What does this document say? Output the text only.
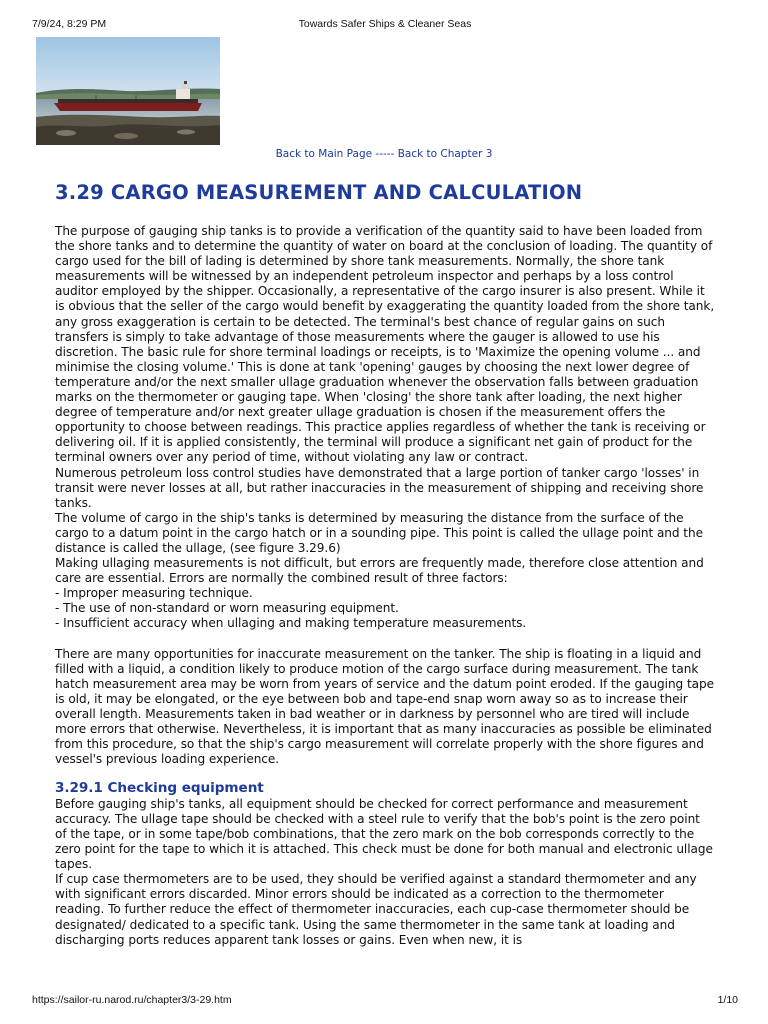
7/9/24, 8:29 PM	Towards Safer Ships & Cleaner Seas
Back to Main Page ----- Back to Chapter 3
3.29 CARGO MEASUREMENT AND CALCULATION

The purpose of gauging ship tanks is to provide a verification of the quantity said to have been loaded from the shore tanks and to determine the quantity of water on board at the conclusion of loading. The quantity of cargo used for the bill of lading is determined by shore tank measurements. Normally, the shore tank measurements will be witnessed by an independent petroleum inspector and perhaps by a loss control auditor employed by the shipper. Occasionally, a representative of the cargo insurer is also present. While it is obvious that the seller of the cargo would benefit by exaggerating the quantity loaded from the shore tank, any gross exaggeration is certain to be detected. The terminal's best chance of regular gains on such transfers is simply to take advantage of those measurements where the gauger is allowed to use his discretion. The basic rule for shore terminal loadings or receipts, is to 'Maximize the opening volume ... and minimise the closing volume.' This is done at tank 'opening' gauges by choosing the next lower degree of temperature and/or the next smaller ullage graduation whenever the observation falls between graduation marks on the thermometer or gauging tape. When 'closing' the shore tank after loading, the next higher degree of temperature and/or next greater ullage graduation is chosen if the measurement offers the opportunity to choose between readings. This practice applies regardless of whether the tank is receiving or delivering oil. If it is applied consistently, the terminal will produce a significant net gain of product for the terminal owners over any period of time, without violating any law or contract.

Numerous petroleum loss control studies have demonstrated that a large portion of tanker cargo 'losses' in transit were never losses at all, but rather inaccuracies in the measurement of shipping and receiving shore tanks.

The volume of cargo in the ship's tanks is determined by measuring the distance from the surface of the cargo to a datum point in the cargo hatch or in a sounding pipe. This point is called the ullage point and the distance is called the ullage, (see figure 3.29.6)

Making ullaging measurements is not difficult, but errors are frequently made, therefore close attention and care are essential. Errors are normally the combined result of three factors:

- Improper measuring technique.
- The use of non-standard or worn measuring equipment.
- Insufficient accuracy when ullaging and making temperature measurements.

There are many opportunities for inaccurate measurement on the tanker. The ship is floating in a liquid and filled with a liquid, a condition likely to produce motion of the cargo surface during measurement. The tank hatch measurement area may be worn from years of service and the datum point eroded. If the gauging tape is old, it may be elongated, or the eye between bob and tape-end snap worn away so as to increase their overall length. Measurements taken in bad weather or in darkness by personnel who are tired will include more errors that otherwise. Nevertheless, it is important that as many inaccuracies as possible be eliminated from this procedure, so that the ship's cargo measurement will correlate properly with the shore figures and vessel's previous loading experience.

3.29.1 Checking equipment

Before gauging ship's tanks, all equipment should be checked for correct performance and measurement accuracy. The ullage tape should be checked with a steel rule to verify that the bob's point is the zero point of the tape, or in some tape/bob combinations, that the zero mark on the bob corresponds correctly to the zero point for the tape to which it is attached. This check must be done for both manual and electronic ullage tapes.

If cup case thermometers are to be used, they should be verified against a standard thermometer and any with significant errors discarded. Minor errors should be indicated as a correction to the thermometer reading. To further reduce the effect of thermometer inaccuracies, each cup-case thermometer should be designated/ dedicated to a specific tank. Using the same thermometer in the same tank at loading and discharging ports reduces apparent tank losses or gains. Even when new, it is

https://sailor-ru.narod.ru/chapter3/3-29.htm	1/10
